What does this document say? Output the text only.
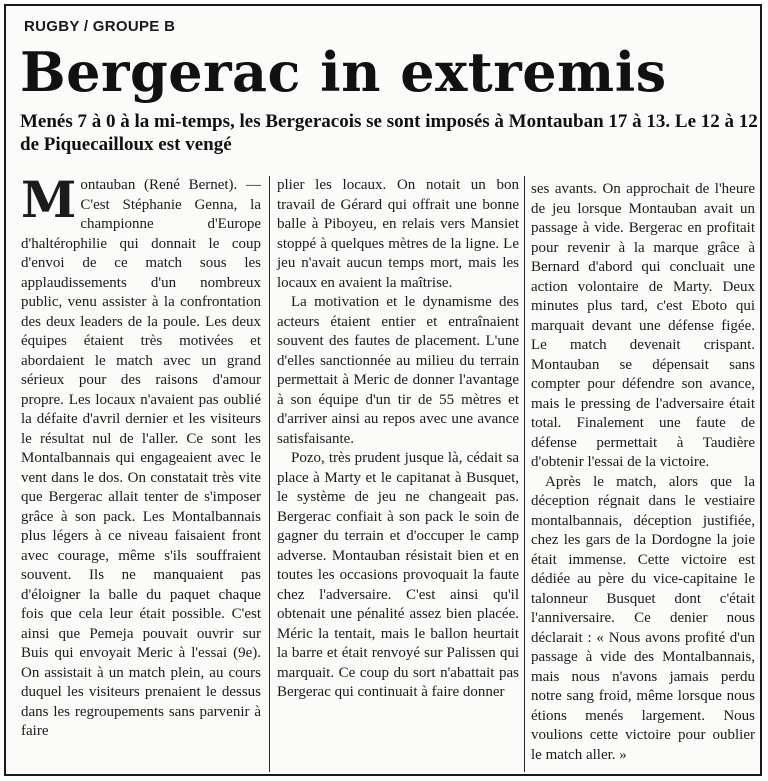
RUGBY / GROUPE B
Bergerac in extremis
Menés 7 à 0 à la mi-temps, les Bergeracois se sont imposés à Montauban 17 à 13. Le 12 à 12 de Piquecailloux est vengé

Montauban (René Bernet). — C'est Stéphanie Genna, la championne d'Europe d'haltérophilie qui donnait le coup d'envoi de ce match sous les applaudissements d'un nombreux public, venu assister à la confrontation des deux leaders de la poule. Les deux équipes étaient très motivées et abordaient le match avec un grand sérieux pour des raisons d'amour propre. Les locaux n'avaient pas oublié la défaite d'avril dernier et les visiteurs le résultat nul de l'aller. Ce sont les Montalbannais qui engageaient avec le vent dans le dos. On constatait très vite que Bergerac allait tenter de s'imposer grâce à son pack. Les Montalbannais plus légers à ce niveau faisaient front avec courage, même s'ils souffraient souvent. Ils ne manquaient pas d'éloigner la balle du paquet chaque fois que cela leur était possible. C'est ainsi que Pemeja pouvait ouvrir sur Buis qui envoyait Meric à l'essai (9e). On assistait à un match plein, au cours duquel les visiteurs prenaient le dessus dans les regroupements sans parvenir à faire

plier les locaux. On notait un bon travail de Gérard qui offrait une bonne balle à Piboyeu, en relais vers Mansiet stoppé à quelques mètres de la ligne. Le jeu n'avait aucun temps mort, mais les locaux en avaient la maîtrise.

La motivation et le dynamisme des acteurs étaient entier et entraînaient souvent des fautes de placement. L'une d'elles sanctionnée au milieu du terrain permettait à Meric de donner l'avantage à son équipe d'un tir de 55 mètres et d'arriver ainsi au repos avec une avance satisfaisante.

Pozo, très prudent jusque là, cédait sa place à Marty et le capitanat à Busquet, le système de jeu ne changeait pas. Bergerac confiait à son pack le soin de gagner du terrain et d'occuper le camp adverse. Montauban résistait bien et en toutes les occasions provoquait la faute chez l'adversaire. C'est ainsi qu'il obtenait une pénalité assez bien placée. Méric la tentait, mais le ballon heurtait la barre et était renvoyé sur Palissen qui marquait. Ce coup du sort n'abattait pas Bergerac qui continuait à faire donner

ses avants. On approchait de l'heure de jeu lorsque Montauban avait un passage à vide. Bergerac en profitait pour revenir à la marque grâce à Bernard d'abord qui concluait une action volontaire de Marty. Deux minutes plus tard, c'est Eboto qui marquait devant une défense figée. Le match devenait crispant. Montauban se dépensait sans compter pour défendre son avance, mais le pressing de l'adversaire était total. Finalement une faute de défense permettait à Taudière d'obtenir l'essai de la victoire.

Après le match, alors que la déception régnait dans le vestiaire montalbannais, déception justifiée, chez les gars de la Dordogne la joie était immense. Cette victoire est dédiée au père du vice-capitaine le talonneur Busquet dont c'était l'anniversaire. Ce denier nous déclarait : « Nous avons profité d'un passage à vide des Montalbannais, mais nous n'avons jamais perdu notre sang froid, même lorsque nous étions menés largement. Nous voulions cette victoire pour oublier le match aller. »
